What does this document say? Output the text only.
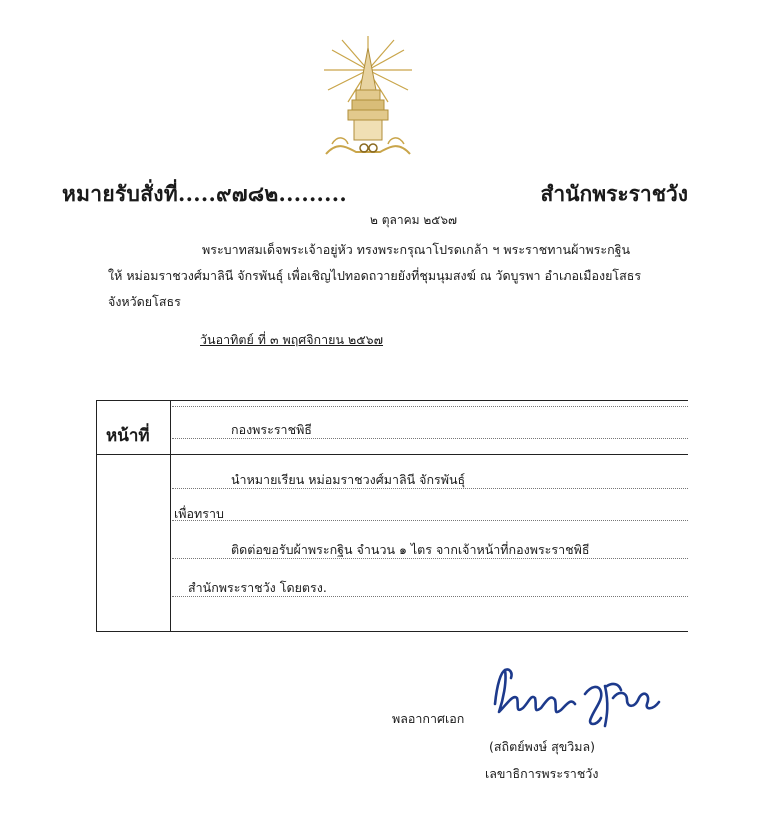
หมายรับสั่งที่.....๙๗๘๒.........	สำนักพระราชวัง
๒ ตุลาคม ๒๕๖๗
พระบาทสมเด็จพระเจ้าอยู่หัว ทรงพระกรุณาโปรดเกล้า ฯ พระราชทานผ้าพระกฐิน
ให้ หม่อมราชวงศ์มาลินี จักรพันธุ์ เพื่อเชิญไปทอดถวายยังที่ชุมนุมสงฆ์ ณ วัดบูรพา อำเภอเมืองยโสธร
จังหวัดยโสธร
วันอาทิตย์ ที่ ๓ พฤศจิกายน ๒๕๖๗
หน้าที่	กองพระราชพิธี
นำหมายเรียน หม่อมราชวงศ์มาลินี จักรพันธุ์
เพื่อทราบ
ติดต่อขอรับผ้าพระกฐิน จำนวน ๑ ไตร จากเจ้าหน้าที่กองพระราชพิธี
สำนักพระราชวัง โดยตรง.
พลอากาศเอก
(สถิตย์พงษ์ สุขวิมล)
เลขาธิการพระราชวัง
